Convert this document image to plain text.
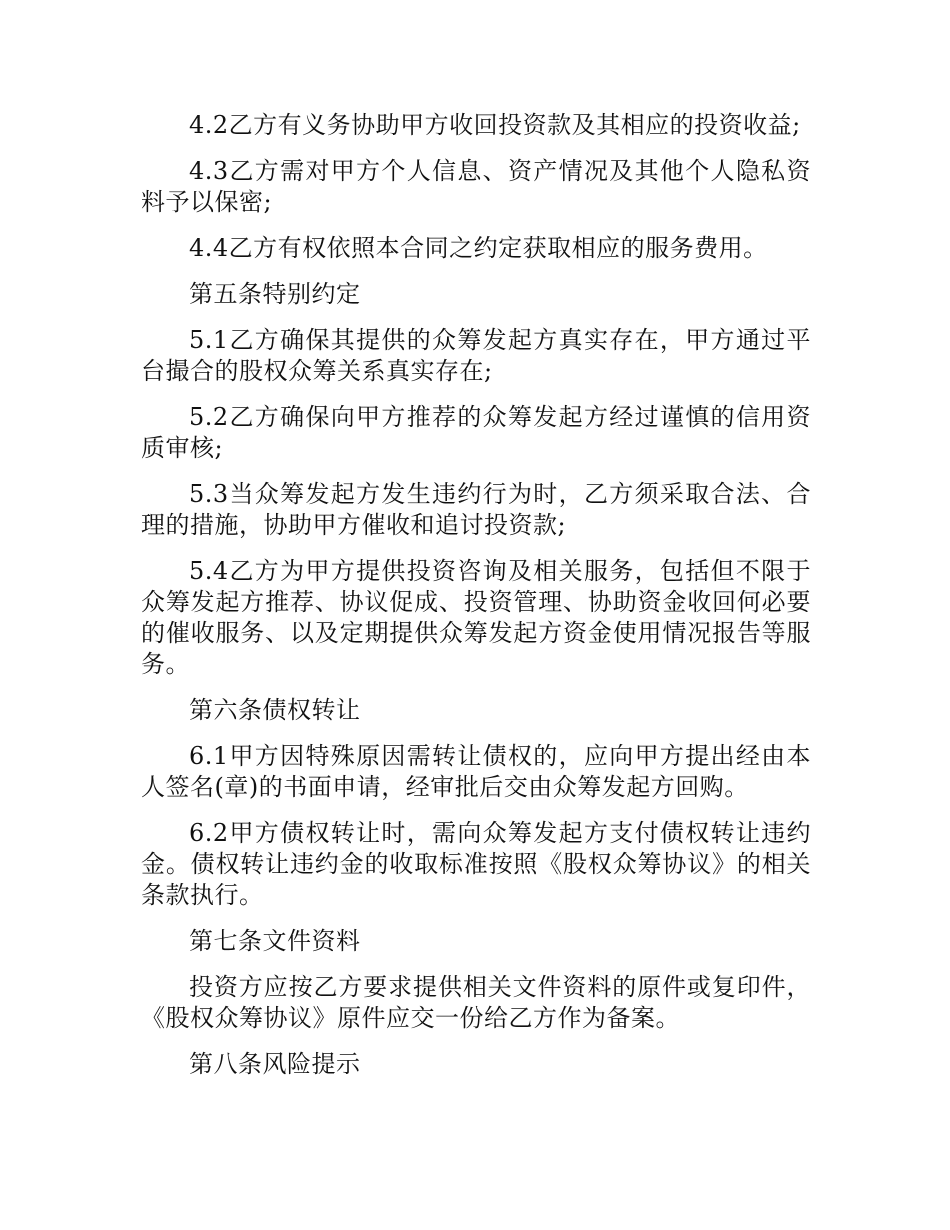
4.2乙方有义务协助甲方收回投资款及其相应的投资收益;

4.3乙方需对甲方个人信息、资产情况及其他个人隐私资料予以保密;

4.4乙方有权依照本合同之约定获取相应的服务费用。

第五条特别约定

5.1乙方确保其提供的众筹发起方真实存在，甲方通过平台撮合的股权众筹关系真实存在;

5.2乙方确保向甲方推荐的众筹发起方经过谨慎的信用资质审核;

5.3当众筹发起方发生违约行为时，乙方须采取合法、合理的措施，协助甲方催收和追讨投资款;

5.4乙方为甲方提供投资咨询及相关服务，包括但不限于众筹发起方推荐、协议促成、投资管理、协助资金收回何必要的催收服务、以及定期提供众筹发起方资金使用情况报告等服务。

第六条债权转让

6.1甲方因特殊原因需转让债权的，应向甲方提出经由本人签名(章)的书面申请，经审批后交由众筹发起方回购。

6.2甲方债权转让时，需向众筹发起方支付债权转让违约金。债权转让违约金的收取标准按照《股权众筹协议》的相关条款执行。

第七条文件资料

投资方应按乙方要求提供相关文件资料的原件或复印件，《股权众筹协议》原件应交一份给乙方作为备案。

第八条风险提示
